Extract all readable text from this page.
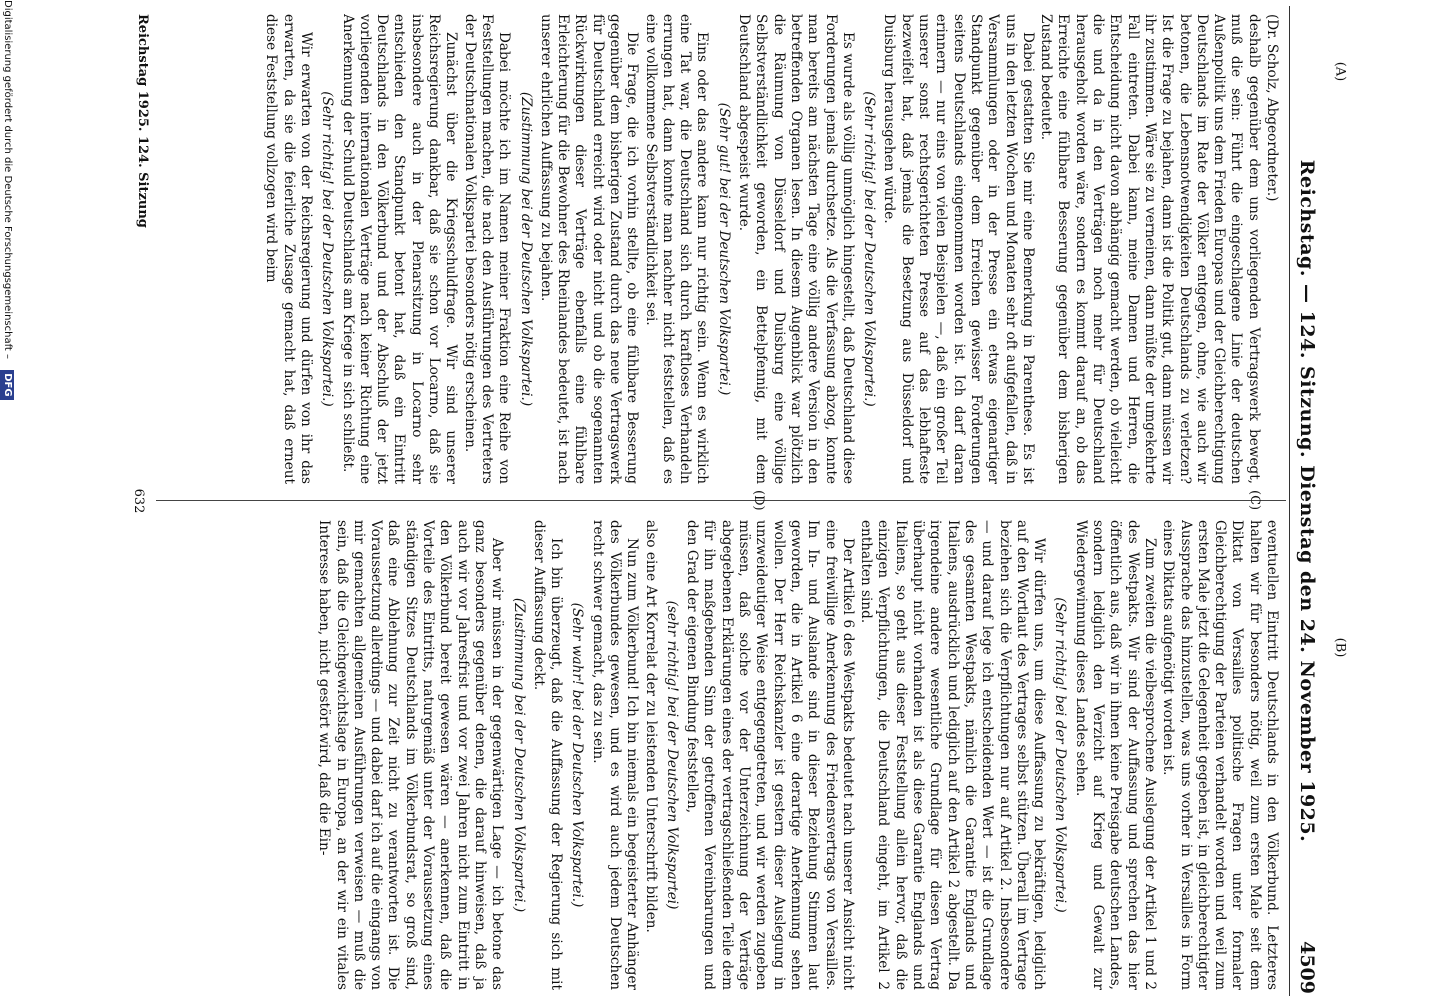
Digitalisierung gefördert durch die Deutsche Forschungsgemeinschaft – DFG	Reichstag. — 124. Sitzung. Dienstag den 24. November 1925.
4509

(Dr. Scholz, Abgeordneter.)

deshalb gegenüber dem uns vorliegenden Vertragswerk bewegt, muß die sein: Führt die eingeschlagene Linie der deutschen Außenpolitik uns dem Frieden Europas und der Gleichberechtigung Deutschlands im Rate der Völker entgegen, ohne, wie auch wir betonen, die Lebensnotwendigkeiten Deutschlands zu verletzen? Ist die Frage zu bejahen, dann ist die Politik gut, dann müssen wir ihr zustimmen. Wäre sie zu verneinen, dann müßte der umgekehrte Fall eintreten. Dabei kann, meine Damen und Herren, die Entscheidung nicht davon abhängig gemacht werden, ob vielleicht die und da in den Verträgen noch mehr für Deutschland herausgeholt worden wäre, sondern es kommt darauf an, ob das Erreichte eine fühlbare Besserung gegenüber dem bisherigen Zustand bedeutet.

Dabei gestatten Sie mir eine Bemerkung in Parenthese. Es ist uns in den letzten Wochen und Monaten sehr oft aufgefallen, daß in Versammlungen oder in der Presse ein etwas eigenartiger Standpunkt gegenüber dem Erreichen gewisser Forderungen seitens Deutschlands eingenommen worden ist. Ich darf daran erinnern — nur eins von vielen Beispielen —, daß ein großer Teil unserer sonst rechtsgerichteten Presse auf das lebhafteste bezweifelt hat, daß jemals die Besetzung aus Düsseldorf und Duisburg herausgehen würde.

(Sehr richtig! bei der Deutschen Volkspartei.)

Es wurde als völlig unmöglich hingestellt, daß Deutschland diese Forderungen jemals durchsetze. Als die Verfassung abzog, konnte man bereits am nächsten Tage eine völlig andere Version in den betreffenden Organen lesen. In diesem Augenblick war plötzlich die Räumung von Düsseldorf und Duisburg eine völlige Selbstverständlichkeit geworden, ein Bettelpfennig, mit dem Deutschland abgespeist wurde.

(Sehr gut! bei der Deutschen Volkspartei.)

Eins oder das andere kann nur richtig sein. Wenn es wirklich eine Tat war, die Deutschland sich durch kraftloses Verhandeln errungen hat, dann konnte man nachher nicht feststellen, daß es eine vollkommene Selbstverständlichkeit sei.

Die Frage, die ich vorhin stellte, ob eine fühlbare Besserung gegenüber dem bisherigen Zustand durch das neue Vertragswerk für Deutschland erreicht wird oder nicht und ob die sogenannten Rückwirkungen dieser Verträge ebenfalls eine fühlbare Erleichterung für die Bewohner des Rheinlandes bedeutet, ist nach unserer ehrlichen Auffassung zu bejahen.

(Zustimmung bei der Deutschen Volkspartei.)

Dabei möchte ich im Namen meiner Fraktion eine Reihe von Feststellungen machen, die nach den Ausführungen des Vertreters der Deutschnationalen Volkspartei besonders nötig erscheinen.

Zunächst über die Kriegsschuldfrage. Wir sind unserer Reichsregierung dankbar, daß sie schon vor Locarno, daß sie insbesondere auch in der Plenarsitzung in Locarno sehr entschieden den Standpunkt betont hat, daß ein Eintritt Deutschlands in den Völkerbund und der Abschluß der jetzt vorliegenden internationalen Verträge nach keiner Richtung eine Anerkennung der Schuld Deutschlands am Kriege in sich schließt.

(Sehr richtig! bei der Deutschen Volkspartei.)

Wir erwarten von der Reichsregierung und dürfen von ihr das erwarten, da sie die feierliche Zusage gemacht hat, daß erneut diese Feststellung vollzogen wird beim

eventuellen Eintritt Deutschlands in den Völkerbund. Letzteres halten wir für besonders nötig, weil zum ersten Male seit dem Diktat von Versailles politische Fragen unter formaler Gleichberechtigung der Parteien verhandelt worden und weil zum ersten Male jetzt die Gelegenheit gegeben ist, in gleichberechtigter Aussprache das hinzustellen, was uns vorher in Versailles in Form eines Diktats aufgenötigt worden ist.

Zum zweiten die vielbesprochene Auslegung der Artikel 1 und 2 des Westpakts. Wir sind der Auffassung und sprechen das hier öffentlich aus, daß wir in ihnen keine Preisgabe deutschen Landes, sondern lediglich den Verzicht auf Krieg und Gewalt zur Wiedergewinnung dieses Landes sehen.

(Sehr richtig! bei der Deutschen Volkspartei.)

Wir dürfen uns, um diese Auffassung zu bekräftigen, lediglich auf den Wortlaut des Vertrages selbst stützen. Überall im Vertrage beziehen sich die Verpflichtungen nur auf Artikel 2. Insbesondere — und darauf lege ich entscheidenden Wert — ist die Grundlage des gesamten Westpakts, nämlich die Garantie Englands und Italiens, ausdrücklich und lediglich auf den Artikel 2 abgestellt. Da irgendeine andere wesentliche Grundlage für diesen Vertrag überhaupt nicht vorhanden ist als diese Garantie Englands und Italiens, so geht aus dieser Feststellung allein hervor, daß die einzigen Verpflichtungen, die Deutschland eingeht, im Artikel 2 enthalten sind.

Der Artikel 6 des Westpakts bedeutet nach unserer Ansicht nicht eine freiwillige Anerkennung des Friedensvertrags von Versailles. Im In- und Auslande sind in dieser Beziehung Stimmen laut geworden, die in Artikel 6 eine derartige Anerkennung sehen wollen. Der Herr Reichskanzler ist gestern dieser Auslegung in unzweideutiger Weise entgegengetreten, und wir werden zugeben müssen, daß solche vor der Unterzeichnung der Verträge abgegebenen Erklärungen eines der vertragschließenden Teile dem für ihn maßgebenden Sinn der getroffenen Vereinbarungen und den Grad der eigenen Bindung feststellen,

(sehr richtig! bei der Deutschen Volkspartei)

also eine Art Korrelat der zu leistenden Unterschrift bilden.

Nun zum Völkerbund! Ich bin niemals ein begeisterter Anhänger des Völkerbundes gewesen, und es wird auch jedem Deutschen recht schwer gemacht, das zu sein.

(Sehr wahr! bei der Deutschen Volkspartei.)

Ich bin überzeugt, daß die Auffassung der Regierung sich mit dieser Auffassung deckt.

(Zustimmung bei der Deutschen Volkspartei.)

Aber wir müssen in der gegenwärtigen Lage — ich betone das ganz besonders gegenüber denen, die darauf hinweisen, daß ja auch wir vor Jahresfrist und vor zwei Jahren nicht zum Eintritt in den Völkerbund bereit gewesen wären — anerkennen, daß die Vorteile des Eintritts, naturgemäß unter der Voraussetzung eines ständigen Sitzes Deutschlands im Völkerbundsrat, so groß sind, daß eine Ablehnung zur Zeit nicht zu verantworten ist. Die Voraussetzung allerdings — und dabei darf ich auf die eingangs von mir gemachten allgemeinen Ausführungen verweisen — muß die sein, daß die Gleichgewichtslage in Europa, an der wir ein vitales Interesse haben, nicht gestört wird, daß die Ein-

(C)
(D)
Reichstag 1925. 124. Sitzung
632
(A)
(B)
